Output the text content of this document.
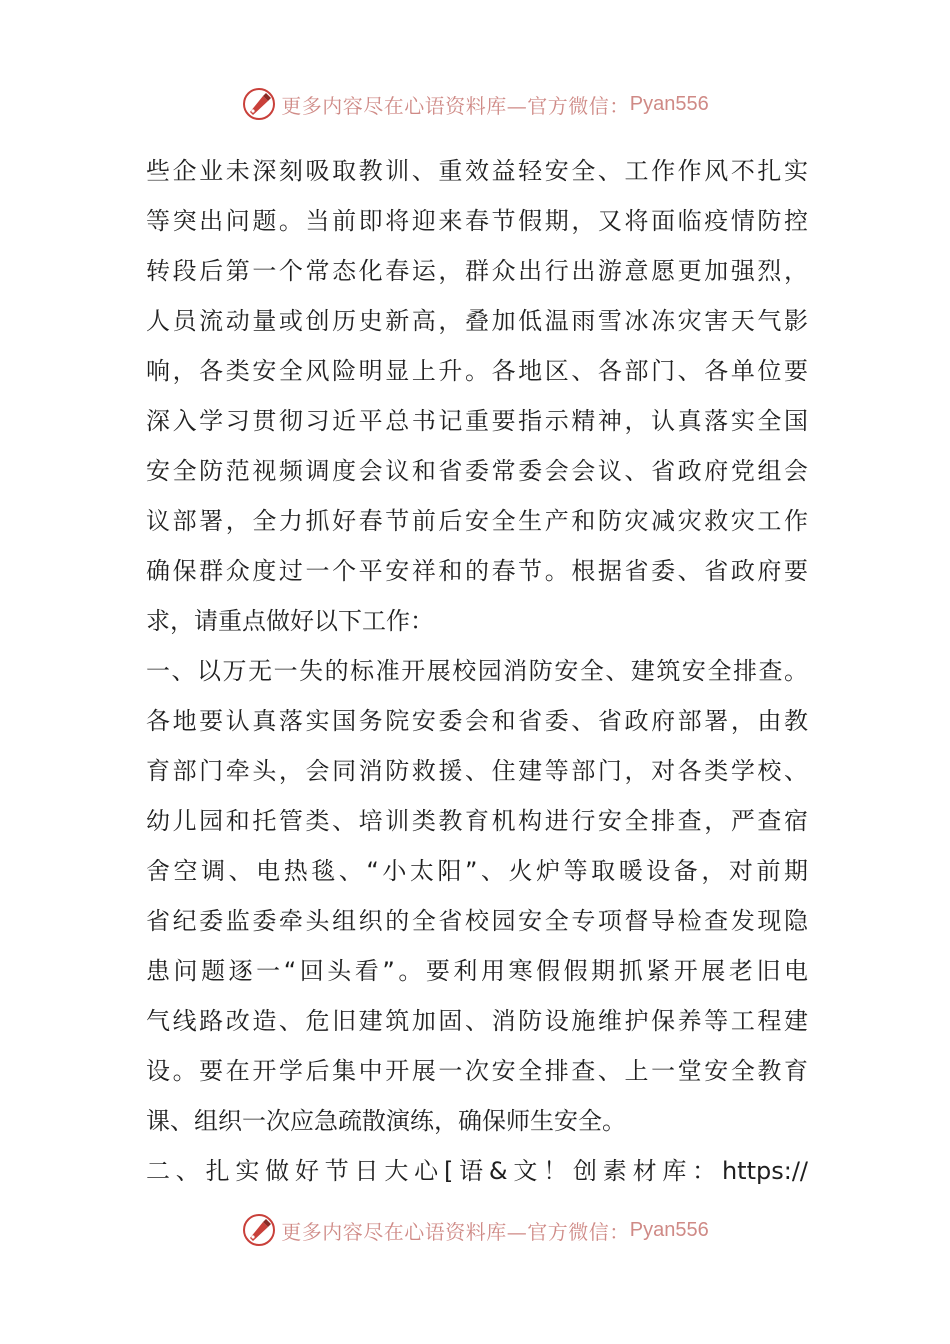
更多内容尽在心语资料库—官方微信： Pyan556
些企业未深刻吸取教训、重效益轻安全、工作作风不扎实
等突出问题。当前即将迎来春节假期，又将面临疫情防控
转段后第一个常态化春运，群众出行出游意愿更加强烈，
人员流动量或创历史新高，叠加低温雨雪冰冻灾害天气影
响，各类安全风险明显上升。各地区、各部门、各单位要
深入学习贯彻习近平总书记重要指示精神，认真落实全国
安全防范视频调度会议和省委常委会会议、省政府党组会
议部署，全力抓好春节前后安全生产和防灾减灾救灾工作
确保群众度过一个平安祥和的春节。根据省委、省政府要
求，请重点做好以下工作：
一、以万无一失的标准开展校园消防安全、建筑安全排查。
各地要认真落实国务院安委会和省委、省政府部署，由教
育部门牵头，会同消防救援、住建等部门，对各类学校、
幼儿园和托管类、培训类教育机构进行安全排查，严查宿
舍空调、电热毯、“小太阳”、火炉等取暖设备，对前期
省纪委监委牵头组织的全省校园安全专项督导检查发现隐
患问题逐一“回头看”。要利用寒假假期抓紧开展老旧电
气线路改造、危旧建筑加固、消防设施维护保养等工程建
设。要在开学后集中开展一次安全排查、上一堂安全教育
课、组织一次应急疏散演练，确保师生安全。
二、扎实做好节日大心[语&文！创素材库：https://
更多内容尽在心语资料库—官方微信： Pyan556
